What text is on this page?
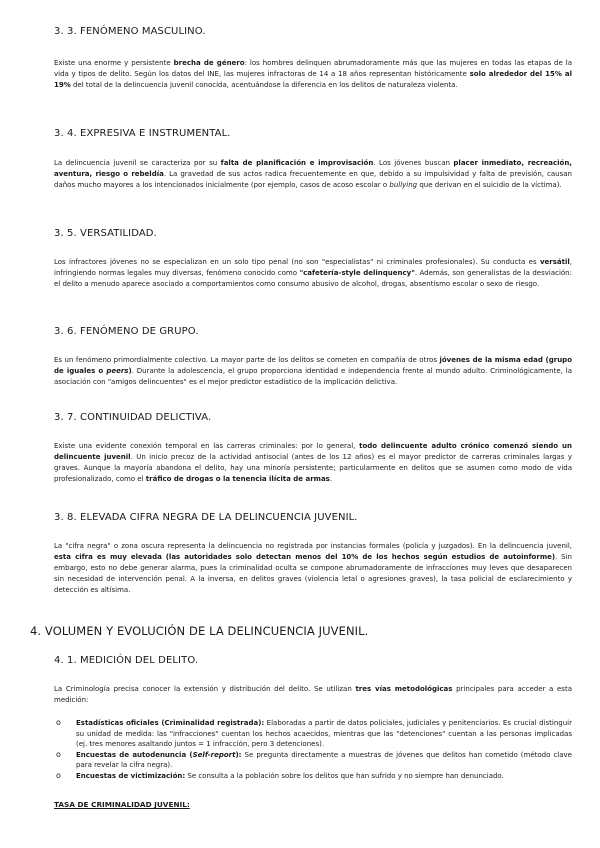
3. 3. FENÓMENO MASCULINO.

Existe una enorme y persistente brecha de género: los hombres delinquen abrumadoramente más que las mujeres en todas las etapas de la vida y tipos de delito. Según los datos del INE, las mujeres infractoras de 14 a 18 años representan históricamente solo alrededor del 15% al 19% del total de la delincuencia juvenil conocida, acentuándose la diferencia en los delitos de naturaleza violenta.

3. 4. EXPRESIVA E INSTRUMENTAL.

La delincuencia juvenil se caracteriza por su falta de planificación e improvisación. Los jóvenes buscan placer inmediato, recreación, aventura, riesgo o rebeldía. La gravedad de sus actos radica frecuentemente en que, debido a su impulsividad y falta de previsión, causan daños mucho mayores a los intencionados inicialmente (por ejemplo, casos de acoso escolar o bullying que derivan en el suicidio de la víctima).

3. 5. VERSATILIDAD.

Los infractores jóvenes no se especializan en un solo tipo penal (no son "especialistas" ni criminales profesionales). Su conducta es versátil, infringiendo normas legales muy diversas, fenómeno conocido como "cafetería-style delinquency". Además, son generalistas de la desviación: el delito a menudo aparece asociado a comportamientos como consumo abusivo de alcohol, drogas, absentismo escolar o sexo de riesgo.

3. 6. FENÓMENO DE GRUPO.

Es un fenómeno primordialmente colectivo. La mayor parte de los delitos se cometen en compañía de otros jóvenes de la misma edad (grupo de iguales o peers). Durante la adolescencia, el grupo proporciona identidad e independencia frente al mundo adulto. Criminológicamente, la asociación con "amigos delincuentes" es el mejor predictor estadístico de la implicación delictiva.

3. 7. CONTINUIDAD DELICTIVA.

Existe una evidente conexión temporal en las carreras criminales: por lo general, todo delincuente adulto crónico comenzó siendo un delincuente juvenil. Un inicio precoz de la actividad antisocial (antes de los 12 años) es el mayor predictor de carreras criminales largas y graves. Aunque la mayoría abandona el delito, hay una minoría persistente; particularmente en delitos que se asumen como modo de vida profesionalizado, como el tráfico de drogas o la tenencia ilícita de armas.

3. 8. ELEVADA CIFRA NEGRA DE LA DELINCUENCIA JUVENIL.

La "cifra negra" o zona oscura representa la delincuencia no registrada por instancias formales (policía y juzgados). En la delincuencia juvenil, esta cifra es muy elevada (las autoridades solo detectan menos del 10% de los hechos según estudios de autoinforme). Sin embargo, esto no debe generar alarma, pues la criminalidad oculta se compone abrumadoramente de infracciones muy leves que desaparecen sin necesidad de intervención penal. A la inversa, en delitos graves (violencia letal o agresiones graves), la tasa policial de esclarecimiento y detección es altísima.

4. VOLUMEN Y EVOLUCIÓN DE LA DELINCUENCIA JUVENIL.
4. 1. MEDICIÓN DEL DELITO.

La Criminología precisa conocer la extensión y distribución del delito. Se utilizan tres vías metodológicas principales para acceder a esta medición:

o Estadísticas oficiales (Criminalidad registrada): Elaboradas a partir de datos policiales, judiciales y penitenciarios. Es crucial distinguir su unidad de medida: las "infracciones" cuentan los hechos acaecidos, mientras que las "detenciones" cuentan a las personas implicadas (ej. tres menores asaltando juntos = 1 infracción, pero 3 detenciones).
o Encuestas de autodenuncia (Self-report): Se pregunta directamente a muestras de jóvenes que delitos han cometido (método clave para revelar la cifra negra).
o Encuestas de victimización: Se consulta a la población sobre los delitos que han sufrido y no siempre han denunciado.
TASA DE CRIMINALIDAD JUVENIL:
